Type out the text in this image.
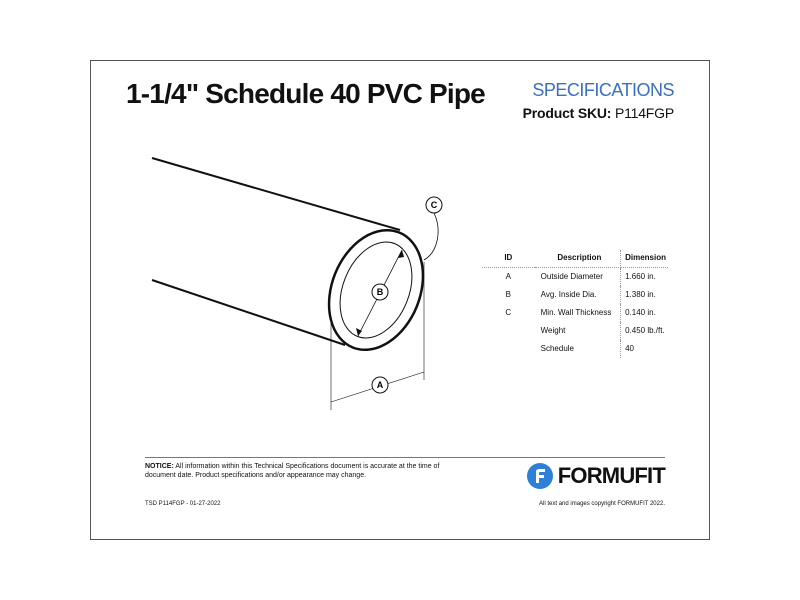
1-1/4" Schedule 40 PVC Pipe	SPECIFICATIONS
Product SKU: P114FGP
C
B
A
ID	Description	Dimension
A	Outside Diameter	1.660 in.
B	Avg. Inside Dia.	1.380 in.
C	Min. Wall Thickness	0.140 in.
	Weight	0.450 lb./ft.
	Schedule	40
NOTICE: All information within this Technical Specifications document is accurate at the time of document date. Product specifications and/or appearance may change.
TSD P114FGP - 01-27-2022
FORMUFIT
All text and images copyright FORMUFIT 2022.
